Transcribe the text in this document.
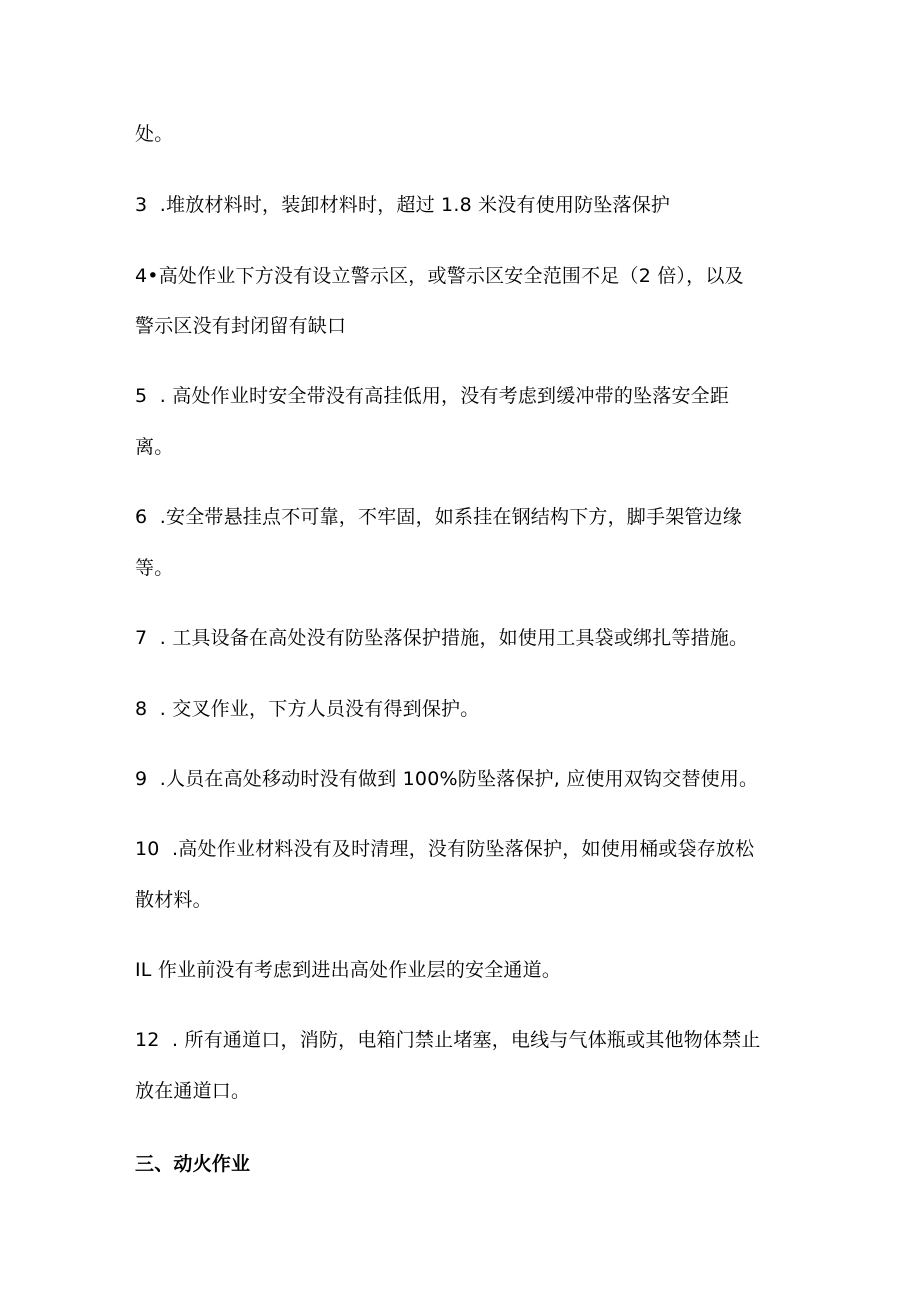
处。

3  .堆放材料时，装卸材料时，超过 1.8 米没有使用防坠落保护

4•高处作业下方没有设立警示区，或警示区安全范围不足（2 倍），以及

警示区没有封闭留有缺口

5  . 高处作业时安全带没有高挂低用，没有考虑到缓冲带的坠落安全距

离。

6  .安全带悬挂点不可靠，不牢固，如系挂在钢结构下方，脚手架管边缘

等。

7  . 工具设备在高处没有防坠落保护措施，如使用工具袋或绑扎等措施。

8  . 交叉作业，下方人员没有得到保护。

9  .人员在高处移动时没有做到 100%防坠落保护, 应使用双钩交替使用。

10  .高处作业材料没有及时清理，没有防坠落保护，如使用桶或袋存放松

散材料。

IL 作业前没有考虑到进出高处作业层的安全通道。

12  . 所有通道口，消防，电箱门禁止堵塞，电线与气体瓶或其他物体禁止

放在通道口。

三、动火作业
